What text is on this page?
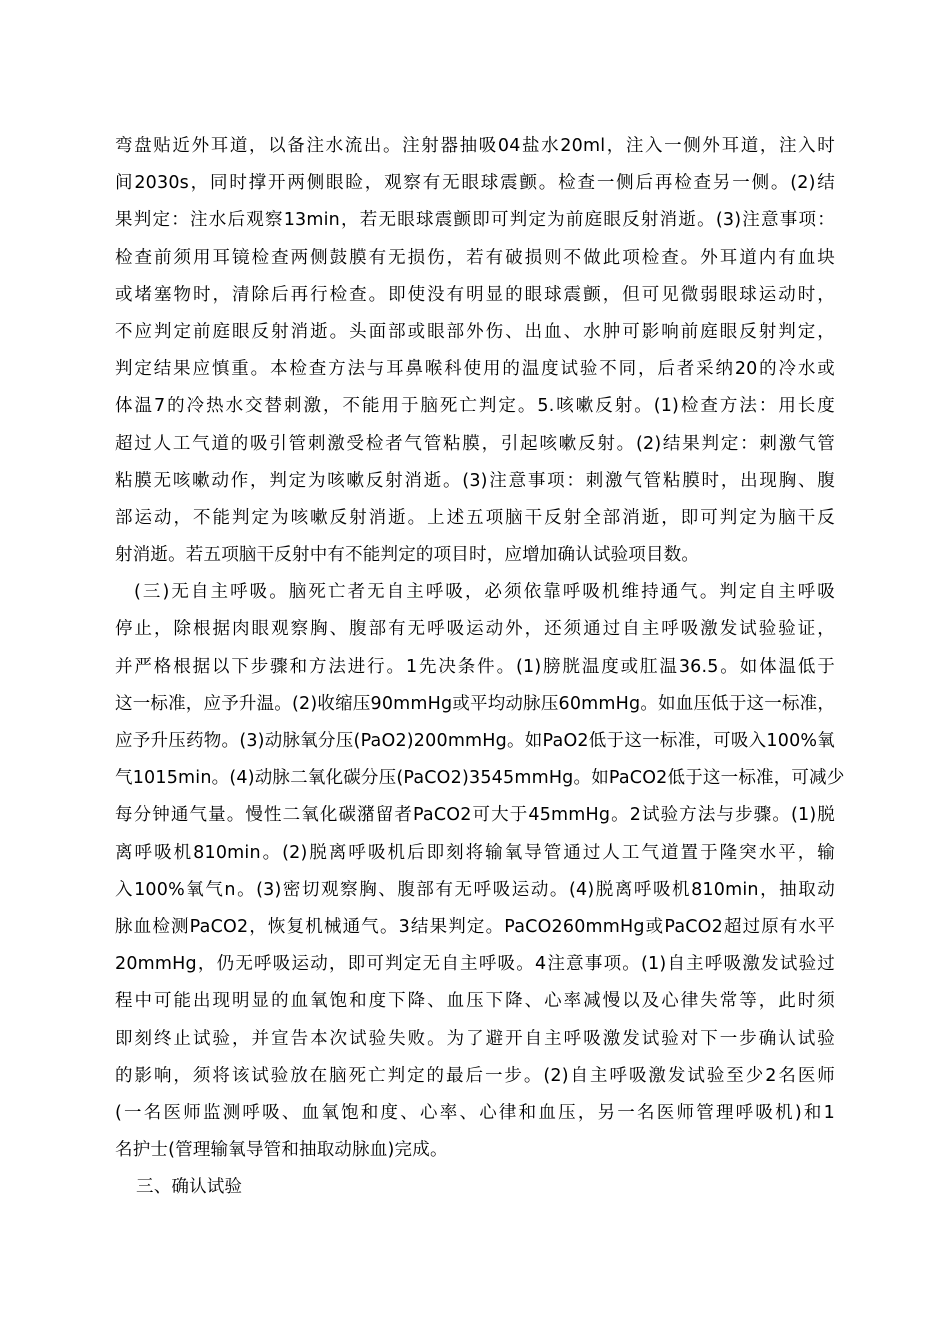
弯盘贴近外耳道，以备注水流出。注射器抽吸04盐水20ml，注入一侧外耳道，注入时
间2030s，同时撑开两侧眼睑，观察有无眼球震颤。检查一侧后再检查另一侧。(2)结
果判定：注水后观察13min，若无眼球震颤即可判定为前庭眼反射消逝。(3)注意事项：
检查前须用耳镜检查两侧鼓膜有无损伤，若有破损则不做此项检查。外耳道内有血块
或堵塞物时，清除后再行检查。即使没有明显的眼球震颤，但可见微弱眼球运动时，
不应判定前庭眼反射消逝。头面部或眼部外伤、出血、水肿可影响前庭眼反射判定，
判定结果应慎重。本检查方法与耳鼻喉科使用的温度试验不同，后者采纳20的冷水或
体温7的冷热水交替刺激，不能用于脑死亡判定。5.咳嗽反射。(1)检查方法：用长度
超过人工气道的吸引管刺激受检者气管粘膜，引起咳嗽反射。(2)结果判定：刺激气管
粘膜无咳嗽动作，判定为咳嗽反射消逝。(3)注意事项：刺激气管粘膜时，出现胸、腹
部运动，不能判定为咳嗽反射消逝。上述五项脑干反射全部消逝，即可判定为脑干反
射消逝。若五项脑干反射中有不能判定的项目时，应增加确认试验项目数。
(三)无自主呼吸。脑死亡者无自主呼吸，必须依靠呼吸机维持通气。判定自主呼吸
停止，除根据肉眼观察胸、腹部有无呼吸运动外，还须通过自主呼吸激发试验验证，
并严格根据以下步骤和方法进行。1先决条件。(1)膀胱温度或肛温36.5。如体温低于
这一标准，应予升温。(2)收缩压90mmHg或平均动脉压60mmHg。如血压低于这一标准，
应予升压药物。(3)动脉氧分压(PaO2)200mmHg。如PaO2低于这一标准，可吸入100%氧
气1015min。(4)动脉二氧化碳分压(PaCO2)3545mmHg。如PaCO2低于这一标准，可减少
每分钟通气量。慢性二氧化碳潴留者PaCO2可大于45mmHg。2试验方法与步骤。(1)脱
离呼吸机810min。(2)脱离呼吸机后即刻将输氧导管通过人工气道置于隆突水平，输
入100%氧气n。(3)密切观察胸、腹部有无呼吸运动。(4)脱离呼吸机810min，抽取动
脉血检测PaCO2，恢复机械通气。3结果判定。PaCO260mmHg或PaCO2超过原有水平
20mmHg，仍无呼吸运动，即可判定无自主呼吸。4注意事项。(1)自主呼吸激发试验过
程中可能出现明显的血氧饱和度下降、血压下降、心率减慢以及心律失常等，此时须
即刻终止试验，并宣告本次试验失败。为了避开自主呼吸激发试验对下一步确认试验
的影响，须将该试验放在脑死亡判定的最后一步。(2)自主呼吸激发试验至少2名医师
(一名医师监测呼吸、血氧饱和度、心率、心律和血压，另一名医师管理呼吸机)和1
名护士(管理输氧导管和抽取动脉血)完成。
三、确认试验
